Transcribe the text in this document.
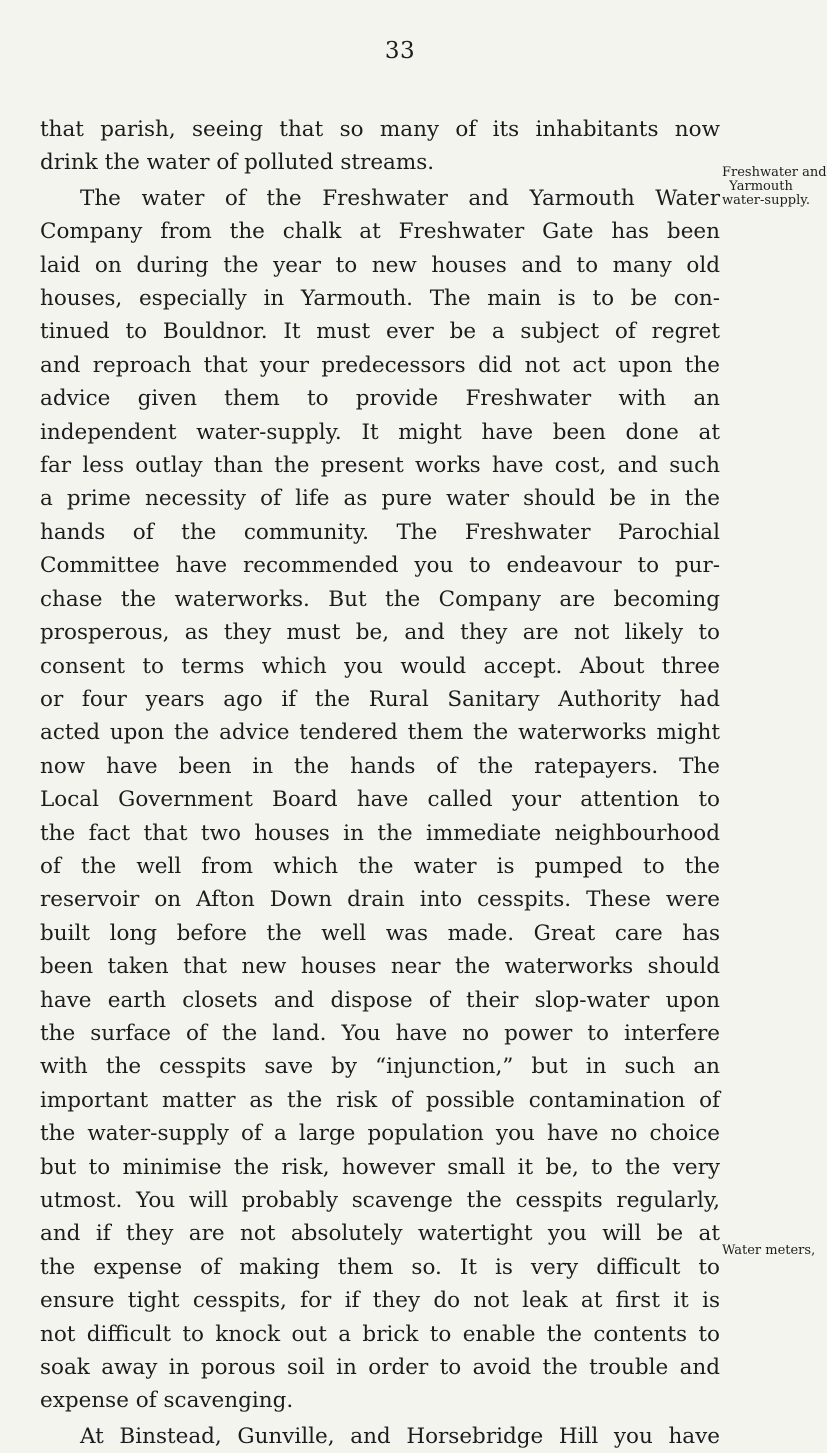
33
that parish, seeing that so many of its inhabitants now
drink the water of polluted streams.
The water of the Freshwater and Yarmouth Water
Company from the chalk at Freshwater Gate has been
laid on during the year to new houses and to many old
houses, especially in Yarmouth. The main is to be con-
tinued to Bouldnor. It must ever be a subject of regret
and reproach that your predecessors did not act upon the
advice given them to provide Freshwater with an
independent water-supply. It might have been done at
far less outlay than the present works have cost, and such
a prime necessity of life as pure water should be in the
hands of the community. The Freshwater Parochial
Committee have recommended you to endeavour to pur-
chase the waterworks. But the Company are becoming
prosperous, as they must be, and they are not likely to
consent to terms which you would accept. About three
or four years ago if the Rural Sanitary Authority had
acted upon the advice tendered them the waterworks might
now have been in the hands of the ratepayers. The
Local Government Board have called your attention to
the fact that two houses in the immediate neighbourhood
of the well from which the water is pumped to the
reservoir on Afton Down drain into cesspits. These were
built long before the well was made. Great care has
been taken that new houses near the waterworks should
have earth closets and dispose of their slop-water upon
the surface of the land. You have no power to interfere
with the cesspits save by “injunction,” but in such an
important matter as the risk of possible contamination of
the water-supply of a large population you have no choice
but to minimise the risk, however small it be, to the very
utmost. You will probably scavenge the cesspits regularly,
and if they are not absolutely watertight you will be at
the expense of making them so. It is very difficult to
ensure tight cesspits, for if they do not leak at first it is
not difficult to knock out a brick to enable the contents to
soak away in porous soil in order to avoid the trouble and
expense of scavenging.
At Binstead, Gunville, and Horsebridge Hill you have
Freshwater and
Yarmouth
water-supply.
Water meters,
